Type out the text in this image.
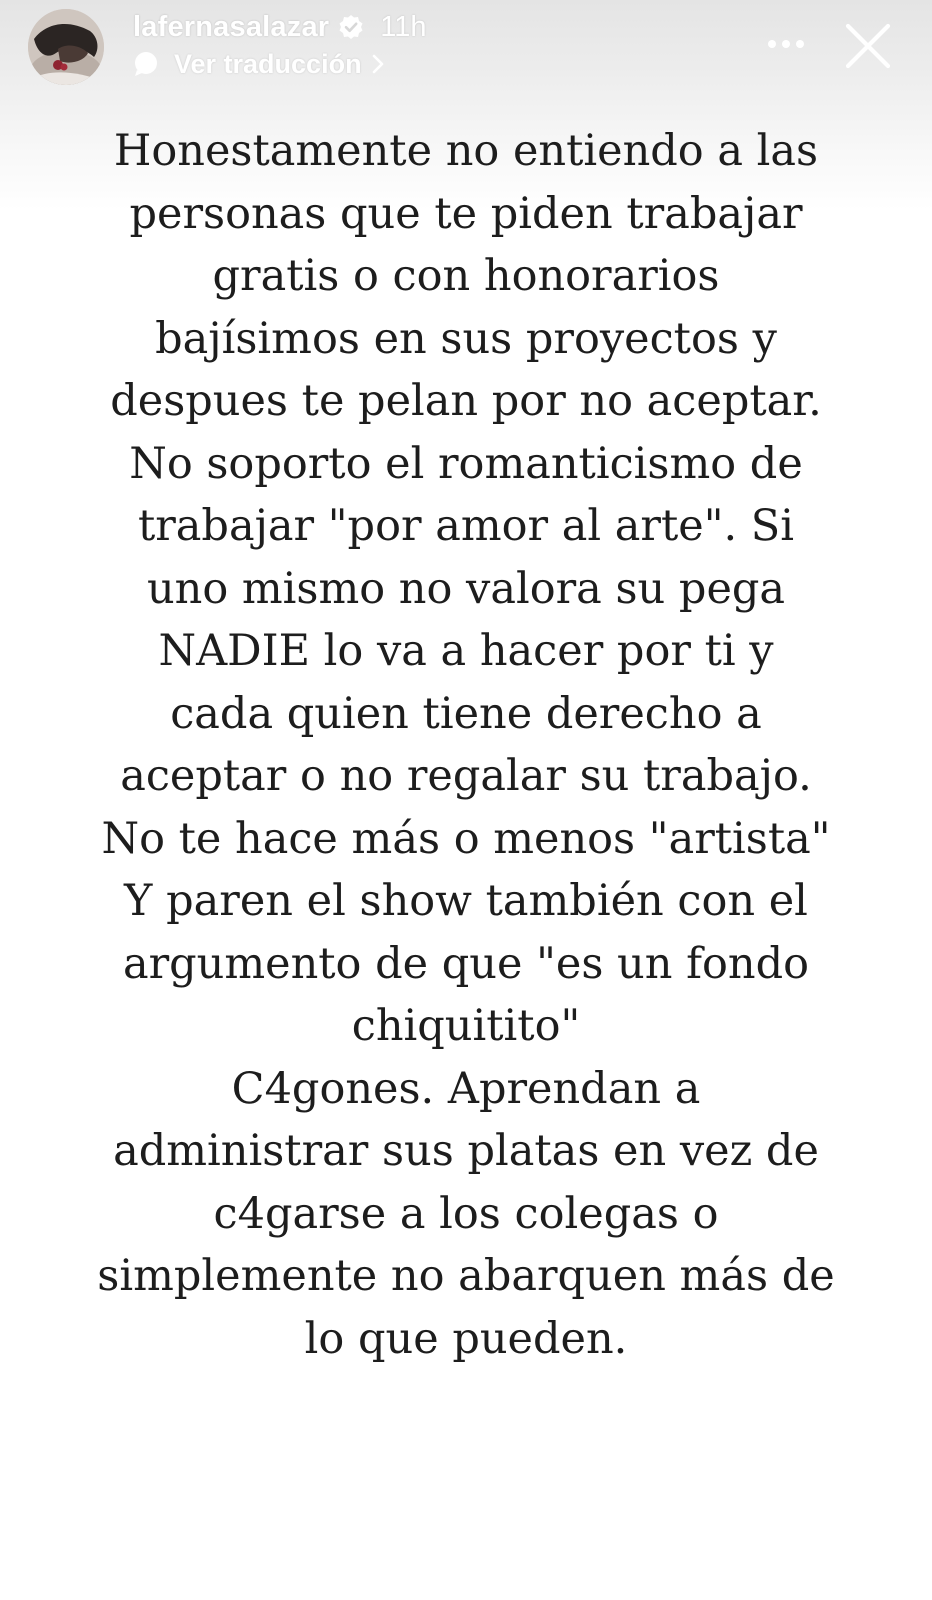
lafernasalazar 11h
Ver traducción
Honestamente no entiendo a las
personas que te piden trabajar
gratis o con honorarios
bajísimos en sus proyectos y
despues te pelan por no aceptar.
No soporto el romanticismo de
trabajar "por amor al arte". Si
uno mismo no valora su pega
NADIE lo va a hacer por ti y
cada quien tiene derecho a
aceptar o no regalar su trabajo.
No te hace más o menos "artista"
Y paren el show también con el
argumento de que "es un fondo
chiquitito"
C4gones. Aprendan a
administrar sus platas en vez de
c4garse a los colegas o
simplemente no abarquen más de
lo que pueden.
